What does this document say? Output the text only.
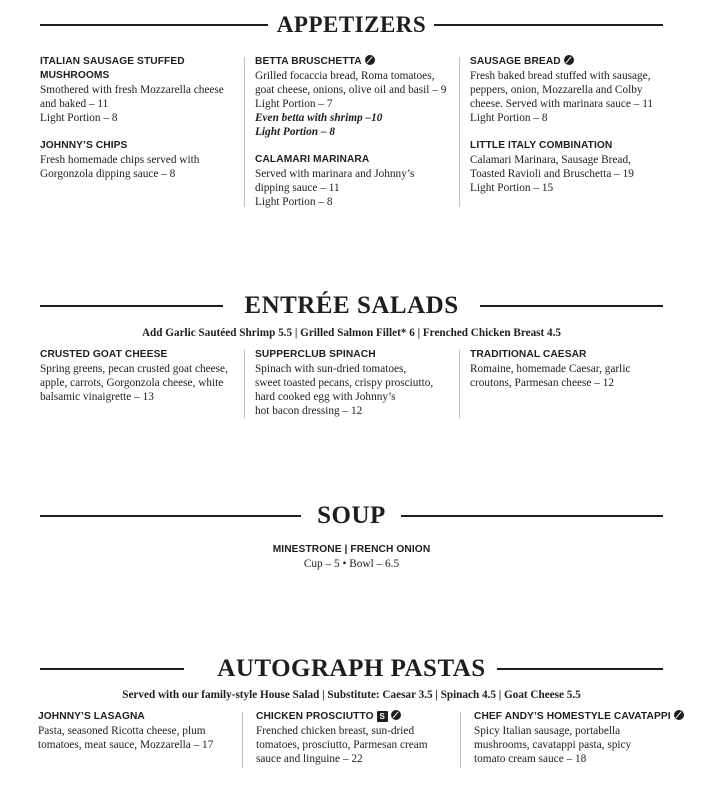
APPETIZERS
ITALIAN SAUSAGE STUFFED MUSHROOMS
Smothered with fresh Mozzarella cheese
and baked – 11
Light Portion – 8
JOHNNY’S CHIPS
Fresh homemade chips served with
Gorgonzola dipping sauce – 8
BETTA BRUSCHETTA
Grilled focaccia bread, Roma tomatoes,
goat cheese, onions, olive oil and basil – 9
Light Portion – 7
Even betta with shrimp –10
Light Portion – 8
CALAMARI MARINARA
Served with marinara and Johnny’s
dipping sauce – 11
Light Portion – 8
SAUSAGE BREAD
Fresh baked bread stuffed with sausage,
peppers, onion, Mozzarella and Colby
cheese. Served with marinara sauce – 11
Light Portion – 8
LITTLE ITALY COMBINATION
Calamari Marinara, Sausage Bread,
Toasted Ravioli and Bruschetta – 19
Light Portion – 15
ENTRÉE SALADS
Add Garlic Sautéed Shrimp 5.5 | Grilled Salmon Fillet* 6 | Frenched Chicken Breast 4.5
CRUSTED GOAT CHEESE
Spring greens, pecan crusted goat cheese,
apple, carrots, Gorgonzola cheese, white
balsamic vinaigrette – 13
SUPPERCLUB SPINACH
Spinach with sun-dried tomatoes,
sweet toasted pecans, crispy prosciutto,
hard cooked egg with Johnny’s
hot bacon dressing – 12
TRADITIONAL CAESAR
Romaine, homemade Caesar, garlic
croutons, Parmesan cheese – 12
SOUP
MINESTRONE | FRENCH ONION
Cup – 5 • Bowl – 6.5
AUTOGRAPH PASTAS
Served with our family-style House Salad | Substitute: Caesar 3.5 | Spinach 4.5 | Goat Cheese 5.5
JOHNNY’S LASAGNA
Pasta, seasoned Ricotta cheese, plum
tomatoes, meat sauce, Mozzarella – 17
CHICKEN PROSCIUTTO S
Frenched chicken breast, sun-dried
tomatoes, prosciutto, Parmesan cream
sauce and linguine – 22
CHEF ANDY’S HOMESTYLE CAVATAPPI
Spicy Italian sausage, portabella
mushrooms, cavatappi pasta, spicy
tomato cream sauce – 18
